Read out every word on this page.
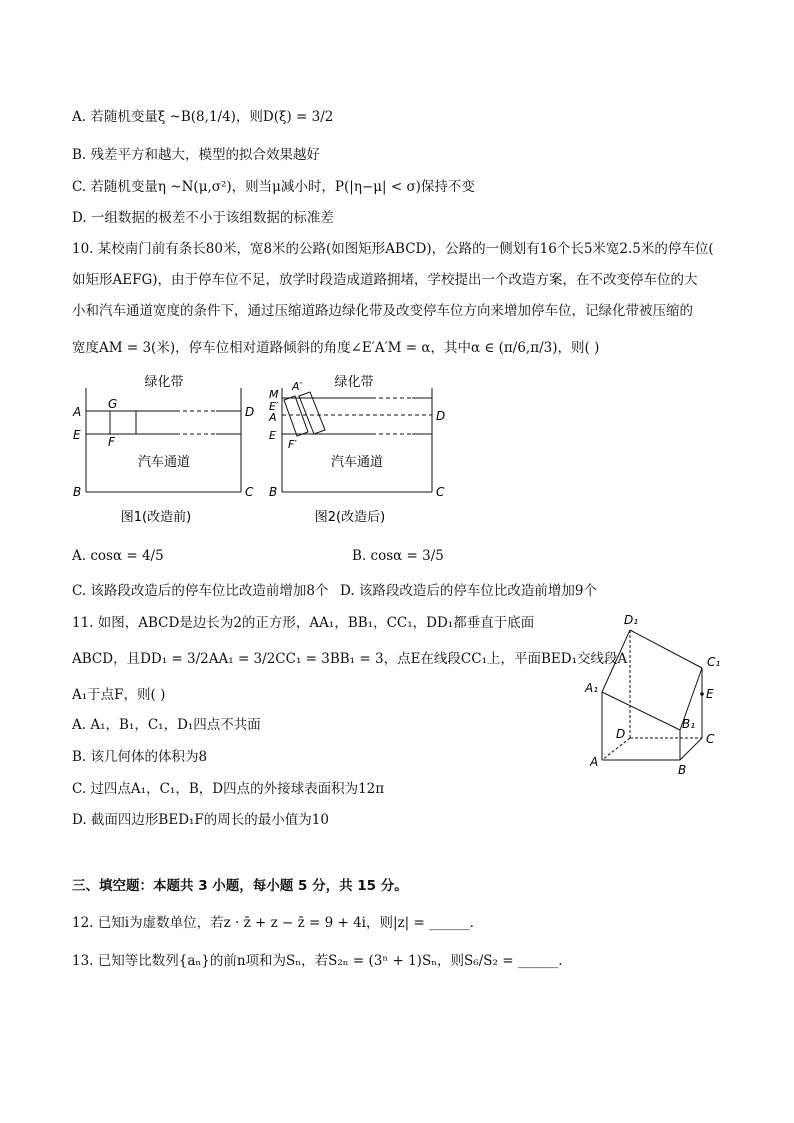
A. 若随机变量ξ ~B(8,1/4)，则D(ξ) = 3/2
B. 残差平方和越大，模型的拟合效果越好
C. 若随机变量η ~N(μ,σ²)，则当μ减小时，P(|η−μ| < σ)保持不变
D. 一组数据的极差不小于该组数据的标准差
10. 某校南门前有条长80米，宽8米的公路(如图矩形ABCD)，公路的一侧划有16个长5米宽2.5米的停车位(
如矩形AEFG)，由于停车位不足，放学时段造成道路拥堵，学校提出一个改造方案，在不改变停车位的大
小和汽车通道宽度的条件下，通过压缩道路边绿化带及改变停车位方向来增加停车位，记绿化带被压缩的
宽度AM = 3(米)，停车位相对道路倾斜的角度∠E′A′M = α，其中α ∈ (π/6,π/3)，则( )
绿化带
汽车通道
A
E
B
D
C
G
F
图1(改造前)
绿化带
汽车通道
A′
M
E′
A
E
F′
D
B	C
图2(改造后)
A. cosα = 4/5	B. cosα = 3/5
C. 该路段改造后的停车位比改造前增加8个 D. 该路段改造后的停车位比改造前增加9个
11. 如图，ABCD是边长为2的正方形，AA₁，BB₁，CC₁，DD₁都垂直于底面
ABCD，且DD₁ = 3/2AA₁ = 3/2CC₁ = 3BB₁ = 3，点E在线段CC₁上，平面BED₁交线段A
A₁于点F，则( )
A. A₁，B₁，C₁，D₁四点不共面
B. 该几何体的体积为8
C. 过四点A₁，C₁，B，D四点的外接球表面积为12π
D. 截面四边形BED₁F的周长的最小值为10
D₁
C₁
A₁	E
B₁
D	C
A
B
三、填空题：本题共 3 小题，每小题 5 分，共 15 分。
12. 已知i为虚数单位，若z · z̄ + z − z̄ = 9 + 4i，则|z| = ______.
13. 已知等比数列{aₙ}的前n项和为Sₙ，若S₂ₙ = (3ⁿ + 1)Sₙ，则S₆/S₂ = ______.
